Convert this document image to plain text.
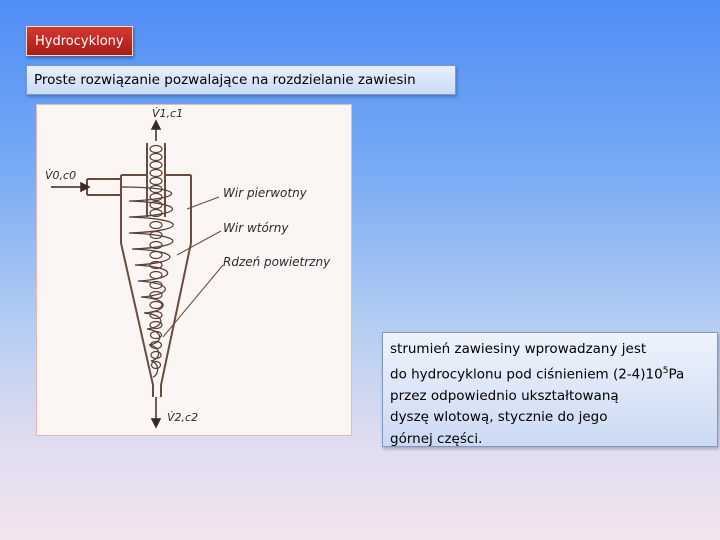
Hydrocyklony
Proste rozwiązanie pozwalające na rozdzielanie zawiesin
V̇1,c1
V̇0,c0
V̇2,c2
Wir pierwotny
Wir wtórny
Rdzeń powietrzny
strumień zawiesiny wprowadzany jest
do hydrocyklonu pod ciśnieniem $(2-4)10^5Pa$
przez odpowiednio ukształtowaną
dyszę wlotową, stycznie do jego
górnej części.
